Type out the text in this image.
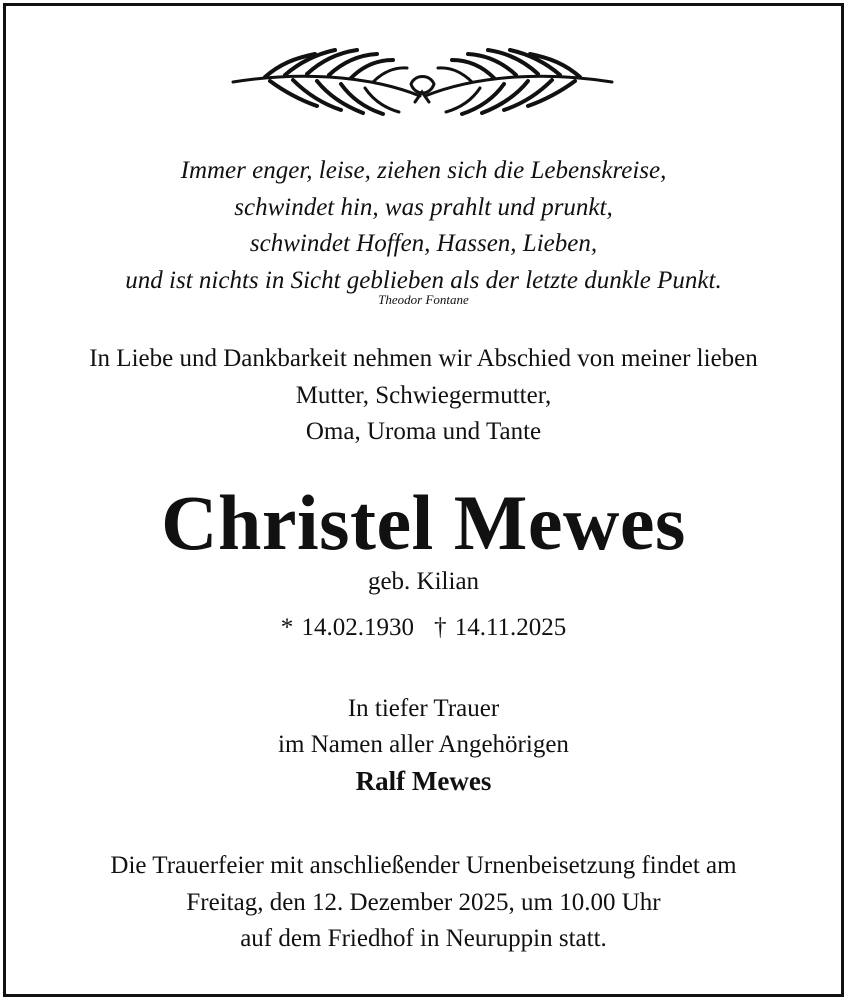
Immer enger, leise, ziehen sich die Lebenskreise,
schwindet hin, was prahlt und prunkt,
schwindet Hoffen, Hassen, Lieben,
und ist nichts in Sicht geblieben als der letzte dunkle Punkt.
Theodor Fontane
In Liebe und Dankbarkeit nehmen wir Abschied von meiner lieben
Mutter, Schwiegermutter,
Oma, Uroma und Tante
Christel Mewes
geb. Kilian
* 14.02.1930 † 14.11.2025
In tiefer Trauer
im Namen aller Angehörigen
Ralf Mewes
Die Trauerfeier mit anschließender Urnenbeisetzung findet am
Freitag, den 12. Dezember 2025, um 10.00 Uhr
auf dem Friedhof in Neuruppin statt.
